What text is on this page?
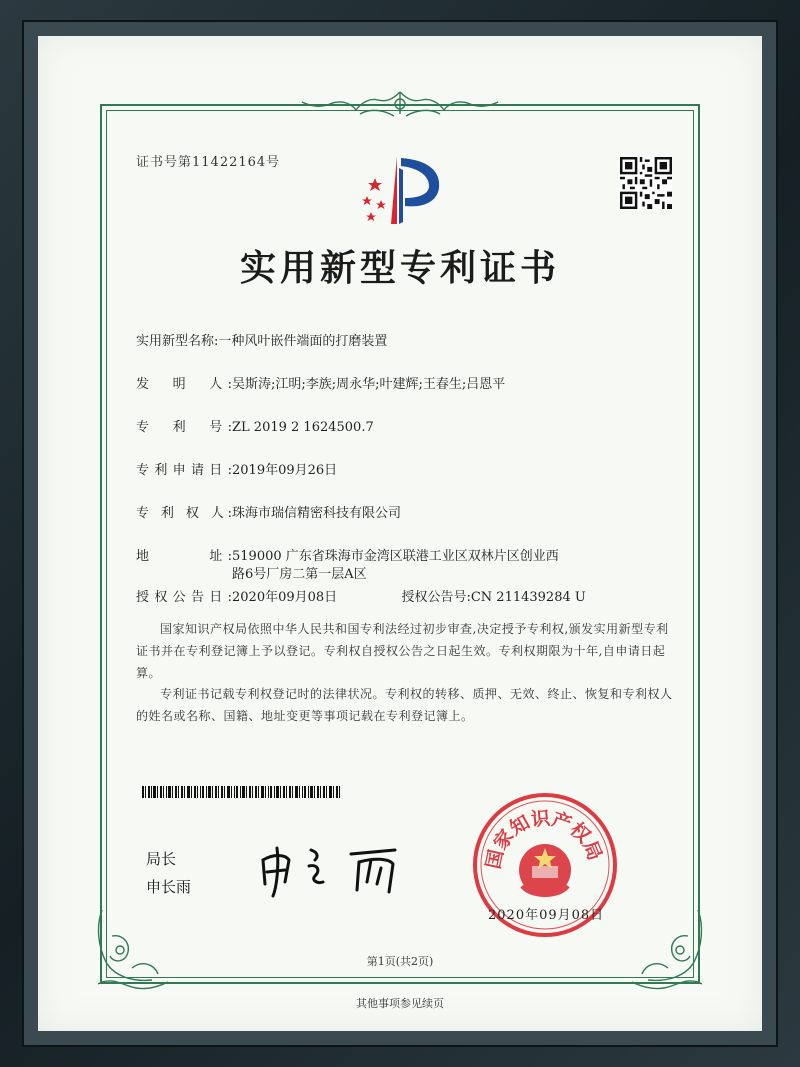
证书号第11422164号
实用新型专利证书
实用新型名称:一种风叶嵌件端面的打磨装置
发　明　人:吴斯涛;江明;李族;周永华;叶建辉;王春生;吕恩平
专　利　号:ZL 2019 2 1624500.7
专利申请日:2019年09月26日
专 利 权 人:珠海市瑞信精密科技有限公司
地　　　址:519000 广东省珠海市金湾区联港工业区双林片区创业西
路6号厂房二第一层A区
授权公告日:2020年09月08日	授权公告号:CN 211439284 U
国家知识产权局依照中华人民共和国专利法经过初步审查,决定授予专利权,颁发实用新型专利证书并在专利登记簿上予以登记。专利权自授权公告之日起生效。专利权期限为十年,自申请日起算。
专利证书记载专利权登记时的法律状况。专利权的转移、质押、无效、终止、恢复和专利权人的姓名或名称、国籍、地址变更等事项记载在专利登记簿上。
局长
申长雨
国家知识产权局
2020年09月08日
第1页(共2页)
其他事项参见续页
